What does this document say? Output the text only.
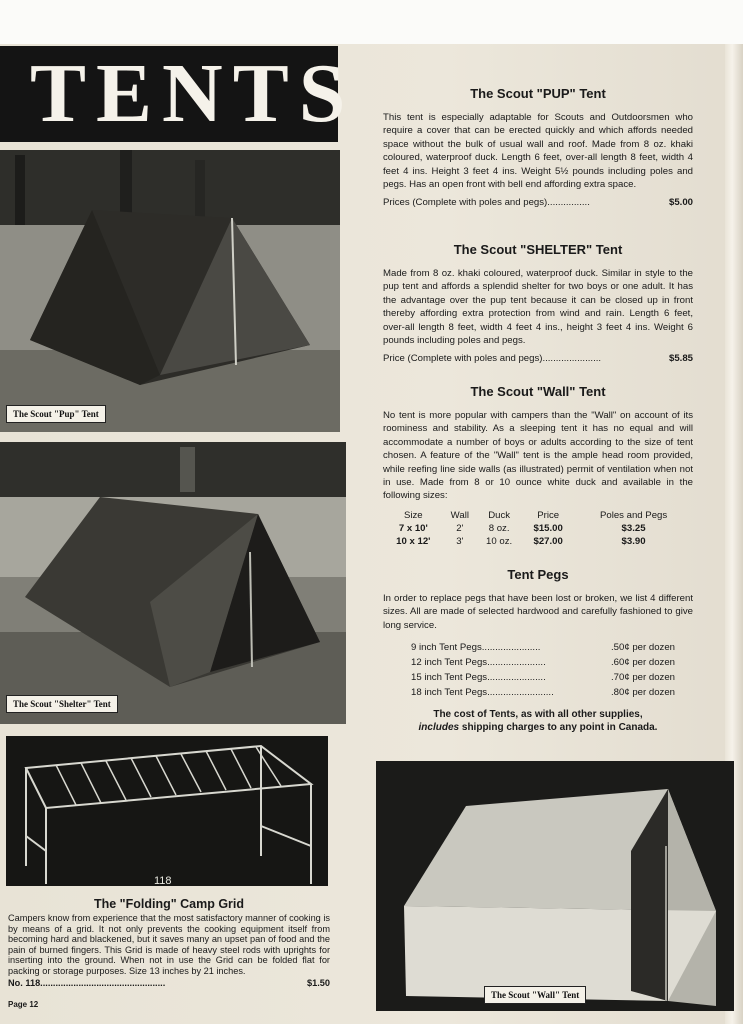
TENTS
The Scout "Pup" Tent
The Scout "Shelter" Tent
118
The Scout "Wall" Tent
The Scout "PUP" Tent

This tent is especially adaptable for Scouts and Outdoorsmen who require a cover that can be erected quickly and which affords needed space without the bulk of usual wall and roof. Made from 8 oz. khaki coloured, waterproof duck. Length 6 feet, over-all length 8 feet, width 4 feet 4 ins. Height 3 feet 4 ins. Weight 5½ pounds including poles and pegs. Has an open front with bell end affording extra space.

Prices (Complete with poles and pegs)................	$5.00
The Scout "SHELTER" Tent

Made from 8 oz. khaki coloured, waterproof duck. Similar in style to the pup tent and affords a splendid shelter for two boys or one adult. It has the advantage over the pup tent because it can be closed up in front thereby affording extra protection from wind and rain. Length 6 feet, over-all length 8 feet, width 4 feet 4 ins., height 3 feet 4 ins. Weight 6 pounds including poles and pegs.

Price (Complete with poles and pegs)......................	$5.85
The Scout "Wall" Tent

No tent is more popular with campers than the "Wall" on account of its roominess and stability. As a sleeping tent it has no equal and will accommodate a number of boys or adults according to the size of tent chosen. A feature of the "Wall" tent is the ample head room provided, while reefing line side walls (as illustrated) permit of ventilation when not in use. Made from 8 or 10 ounce white duck and available in the following sizes:

Size	Wall	Duck	Price	Poles and Pegs
7 x 10'	2'	8 oz.	$15.00	$3.25
10 x 12'	3'	10 oz.	$27.00	$3.90
Tent Pegs

In order to replace pegs that have been lost or broken, we list 4 different sizes. All are made of selected hardwood and carefully fashioned to give long service.

9 inch Tent Pegs......................	.50¢ per dozen
12 inch Tent Pegs......................	.60¢ per dozen
15 inch Tent Pegs......................	.70¢ per dozen
18 inch Tent Pegs.........................	.80¢ per dozen
The cost of Tents, as with all other supplies,
includes shipping charges to any point in Canada.
The "Folding" Camp Grid

Campers know from experience that the most satisfactory manner of cooking is by means of a grid. It not only prevents the cooking equipment itself from becoming hard and blackened, but it saves many an upset pan of food and the pain of burned fingers. This Grid is made of heavy steel rods with uprights for inserting into the ground. When not in use the Grid can be folded flat for packing or storage purposes. Size 13 inches by 21 inches.

No. 118.................................................	$1.50
Page 12
